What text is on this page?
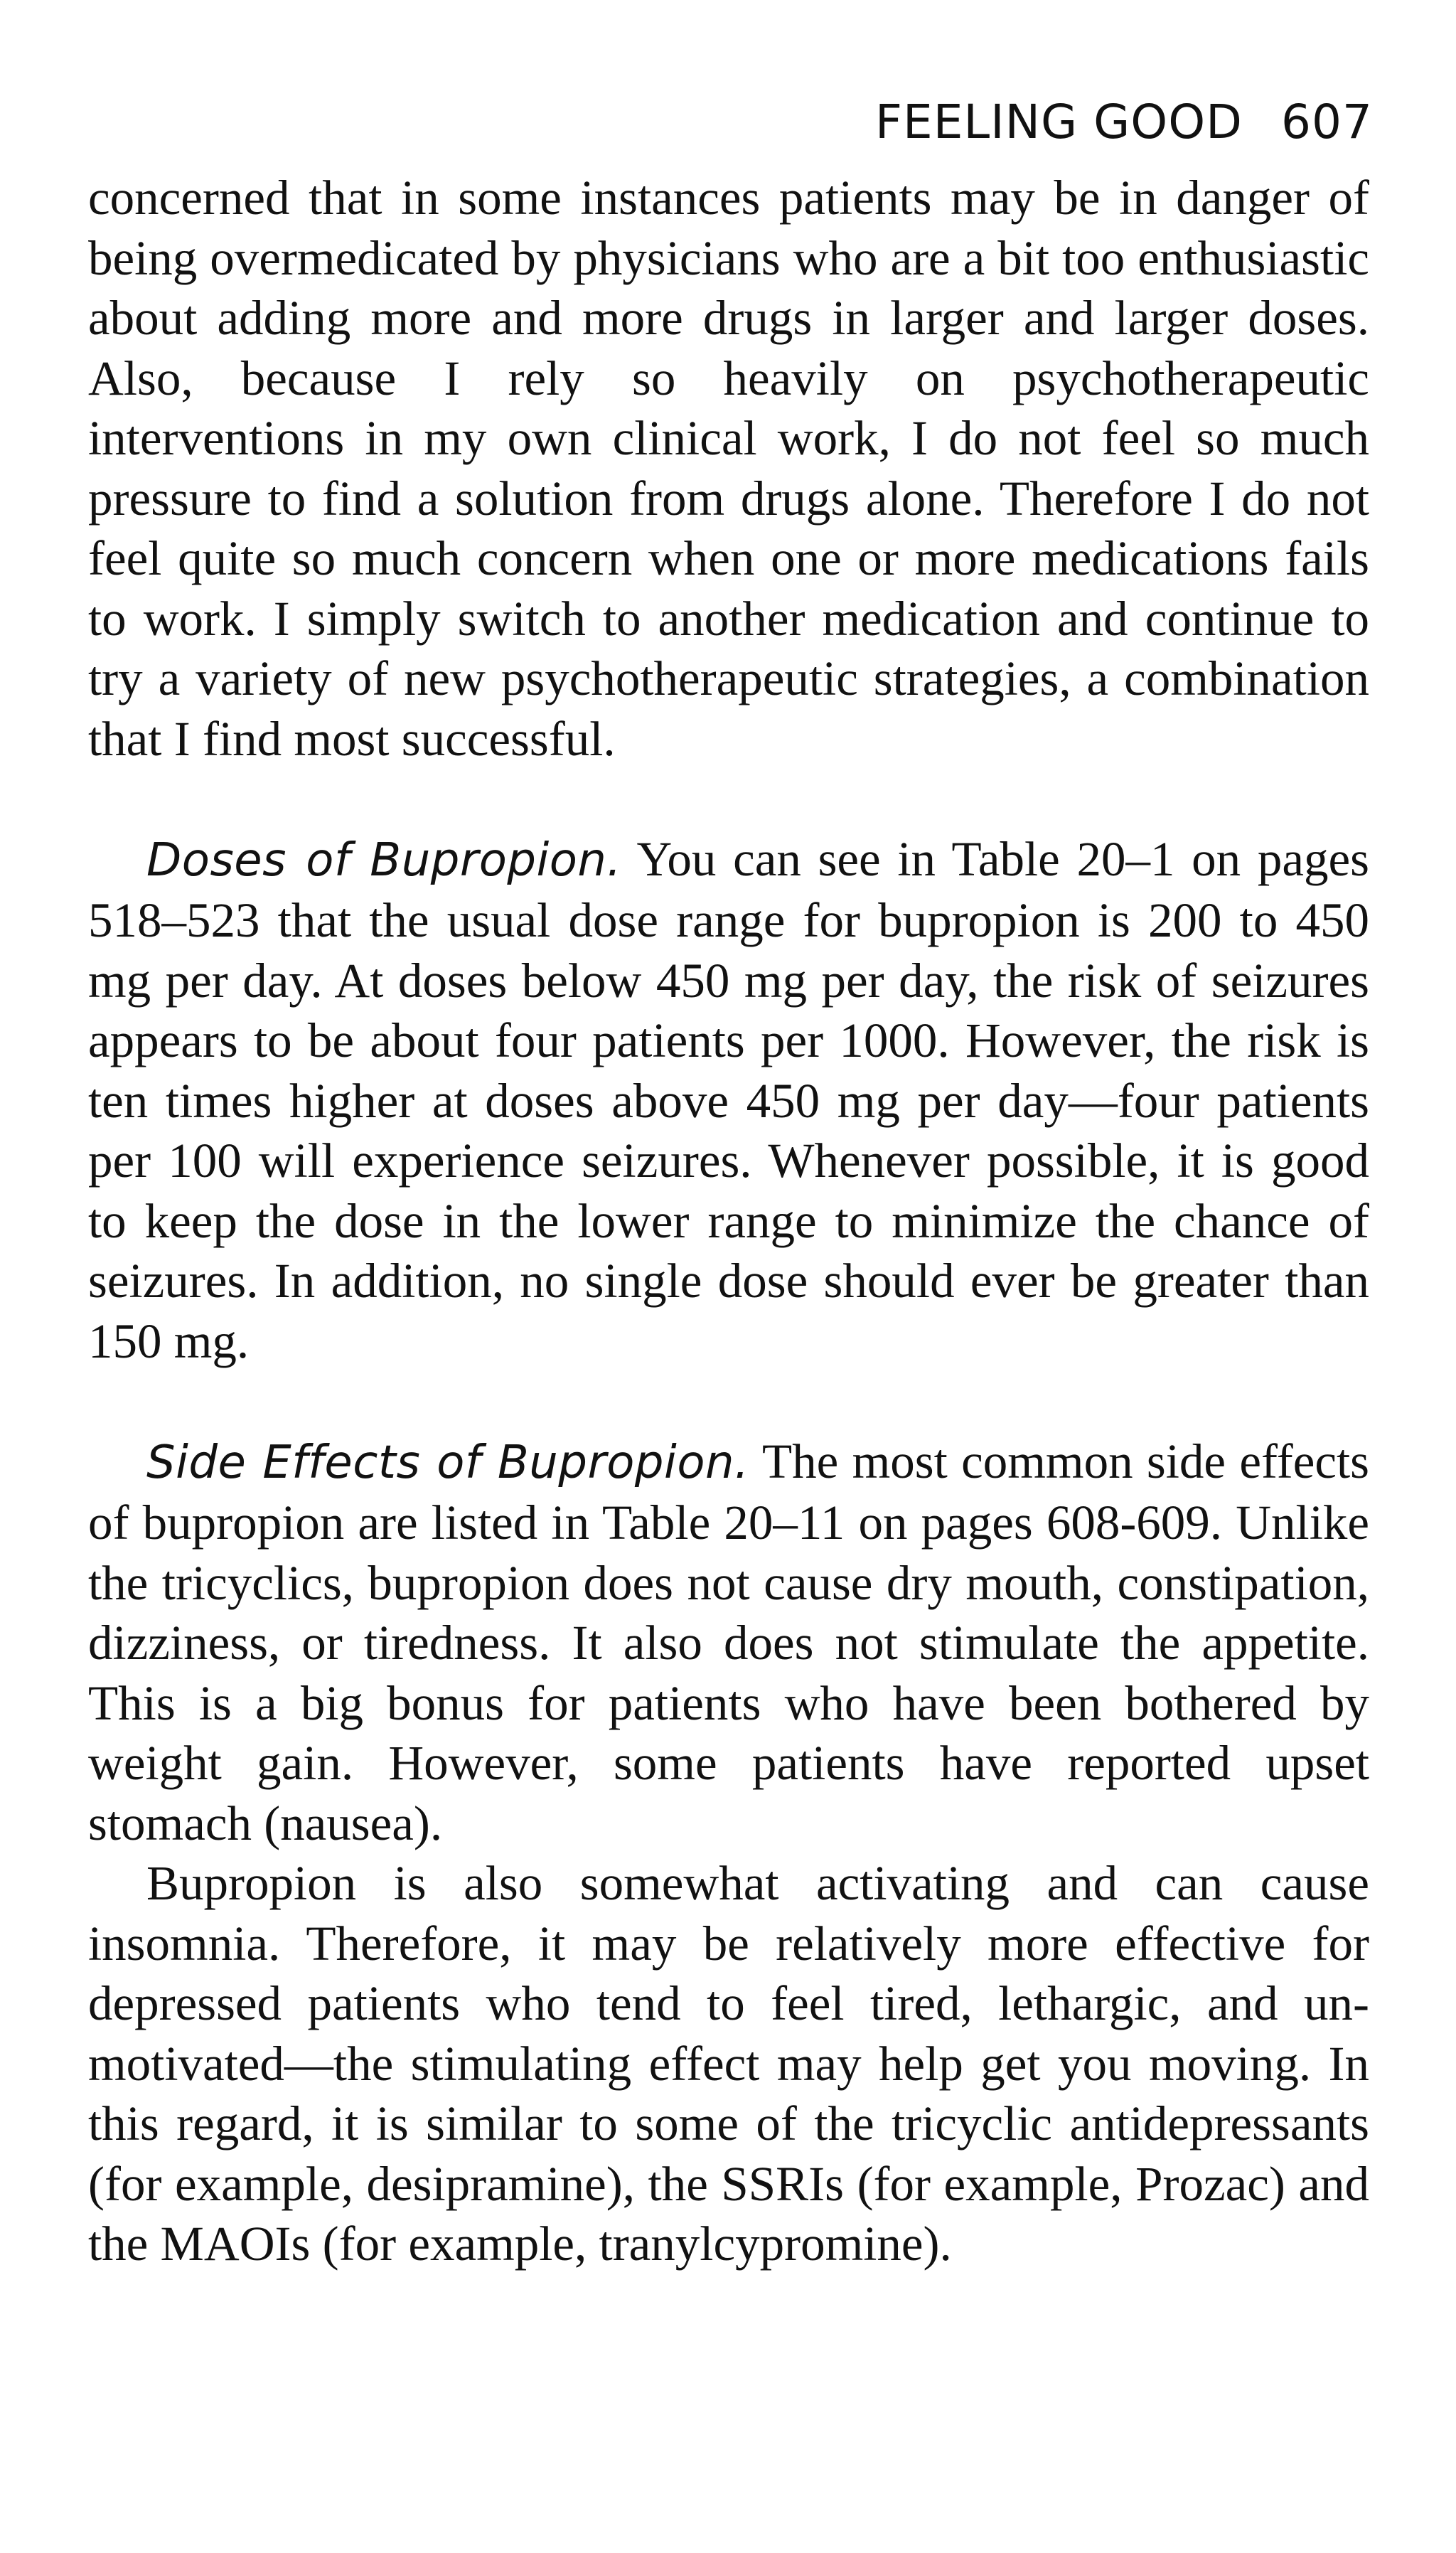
FEELING GOOD 607

concerned that in some instances patients may be in danger of being overmedicated by physicians who are a bit too enthusiastic about adding more and more drugs in larger and larger doses. Also, because I rely so heavily on psychotherapeutic interventions in my own clinical work, I do not feel so much pressure to find a solution from drugs alone. Therefore I do not feel quite so much concern when one or more medications fails to work. I simply switch to another medication and continue to try a variety of new psychotherapeutic strategies, a combination that I find most successful.

Doses of Bupropion. You can see in Table 20–1 on pages 518–523 that the usual dose range for bupropion is 200 to 450 mg per day. At doses below 450 mg per day, the risk of seizures appears to be about four patients per 1000. However, the risk is ten times higher at doses above 450 mg per day—four patients per 100 will experience seizures. Whenever possible, it is good to keep the dose in the lower range to minimize the chance of seizures. In addition, no single dose should ever be greater than 150 mg.

Side Effects of Bupropion. The most common side effects of bupropion are listed in Table 20–11 on pages 608-609. Unlike the tricyclics, bupropion does not cause dry mouth, constipation, dizziness, or tiredness. It also does not stimulate the appetite. This is a big bonus for patients who have been bothered by weight gain. However, some patients have reported upset stomach (nausea).

Bupropion is also somewhat activating and can cause insomnia. Therefore, it may be relatively more effective for depressed patients who tend to feel tired, lethargic, and unmotivated—the stimulating effect may help get you moving. In this regard, it is similar to some of the tricyclic antidepressants (for example, desipramine), the SSRIs (for example, Prozac) and the MAOIs (for example, tranylcypromine).
